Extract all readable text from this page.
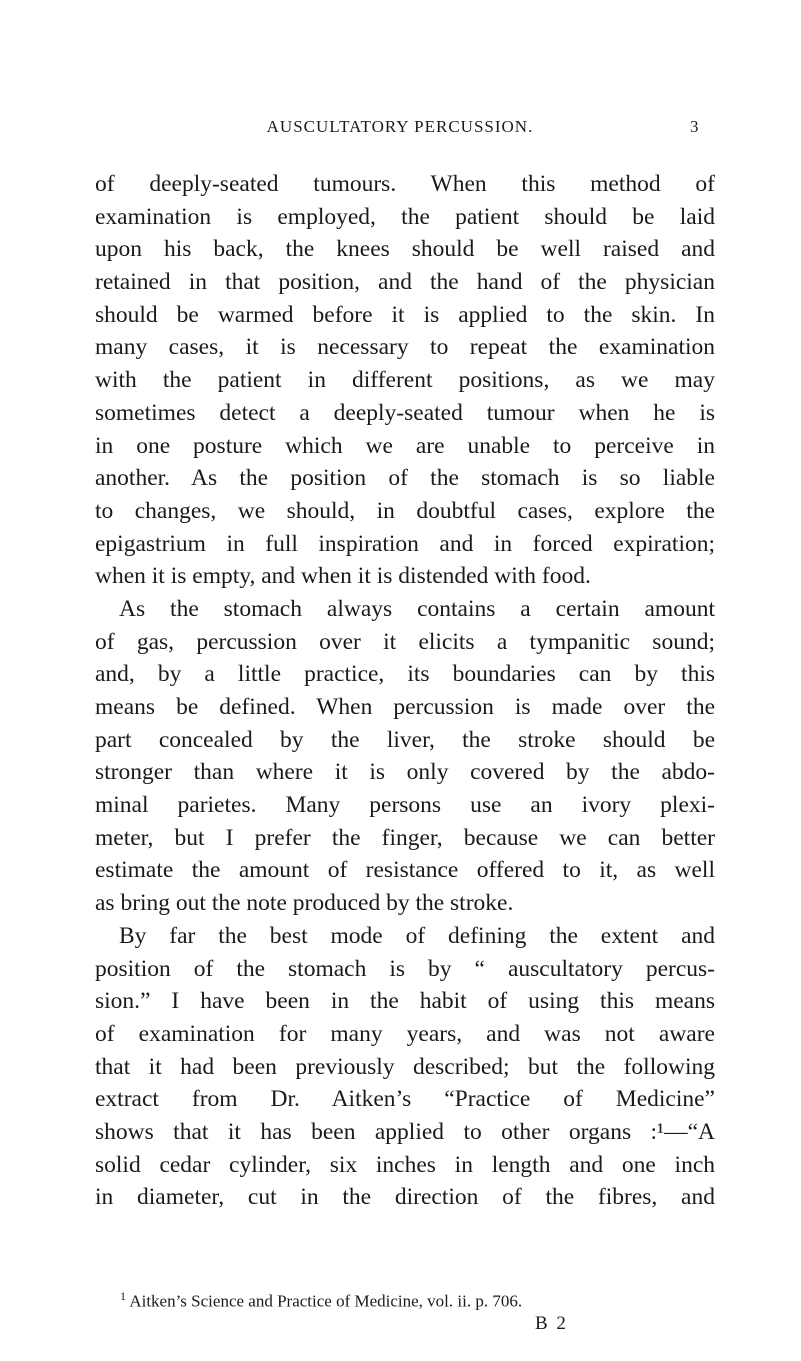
AUSCULTATORY PERCUSSION.	3
of deeply-seated tumours. When this method of
examination is employed, the patient should be laid
upon his back, the knees should be well raised and
retained in that position, and the hand of the physician
should be warmed before it is applied to the skin. In
many cases, it is necessary to repeat the examination
with the patient in different positions, as we may
sometimes detect a deeply-seated tumour when he is
in one posture which we are unable to perceive in
another. As the position of the stomach is so liable
to changes, we should, in doubtful cases, explore the
epigastrium in full inspiration and in forced expiration;
when it is empty, and when it is distended with food.
As the stomach always contains a certain amount
of gas, percussion over it elicits a tympanitic sound;
and, by a little practice, its boundaries can by this
means be defined. When percussion is made over the
part concealed by the liver, the stroke should be
stronger than where it is only covered by the abdo-
minal parietes. Many persons use an ivory plexi-
meter, but I prefer the finger, because we can better
estimate the amount of resistance offered to it, as well
as bring out the note produced by the stroke.
By far the best mode of defining the extent and
position of the stomach is by “ auscultatory percus-
sion.” I have been in the habit of using this means
of examination for many years, and was not aware
that it had been previously described; but the following
extract from Dr. Aitken’s “Practice of Medicine”
shows that it has been applied to other organs :¹—“A
solid cedar cylinder, six inches in length and one inch
in diameter, cut in the direction of the fibres, and
$^1$ Aitken’s Science and Practice of Medicine, vol. ii. p. 706.
B 2
